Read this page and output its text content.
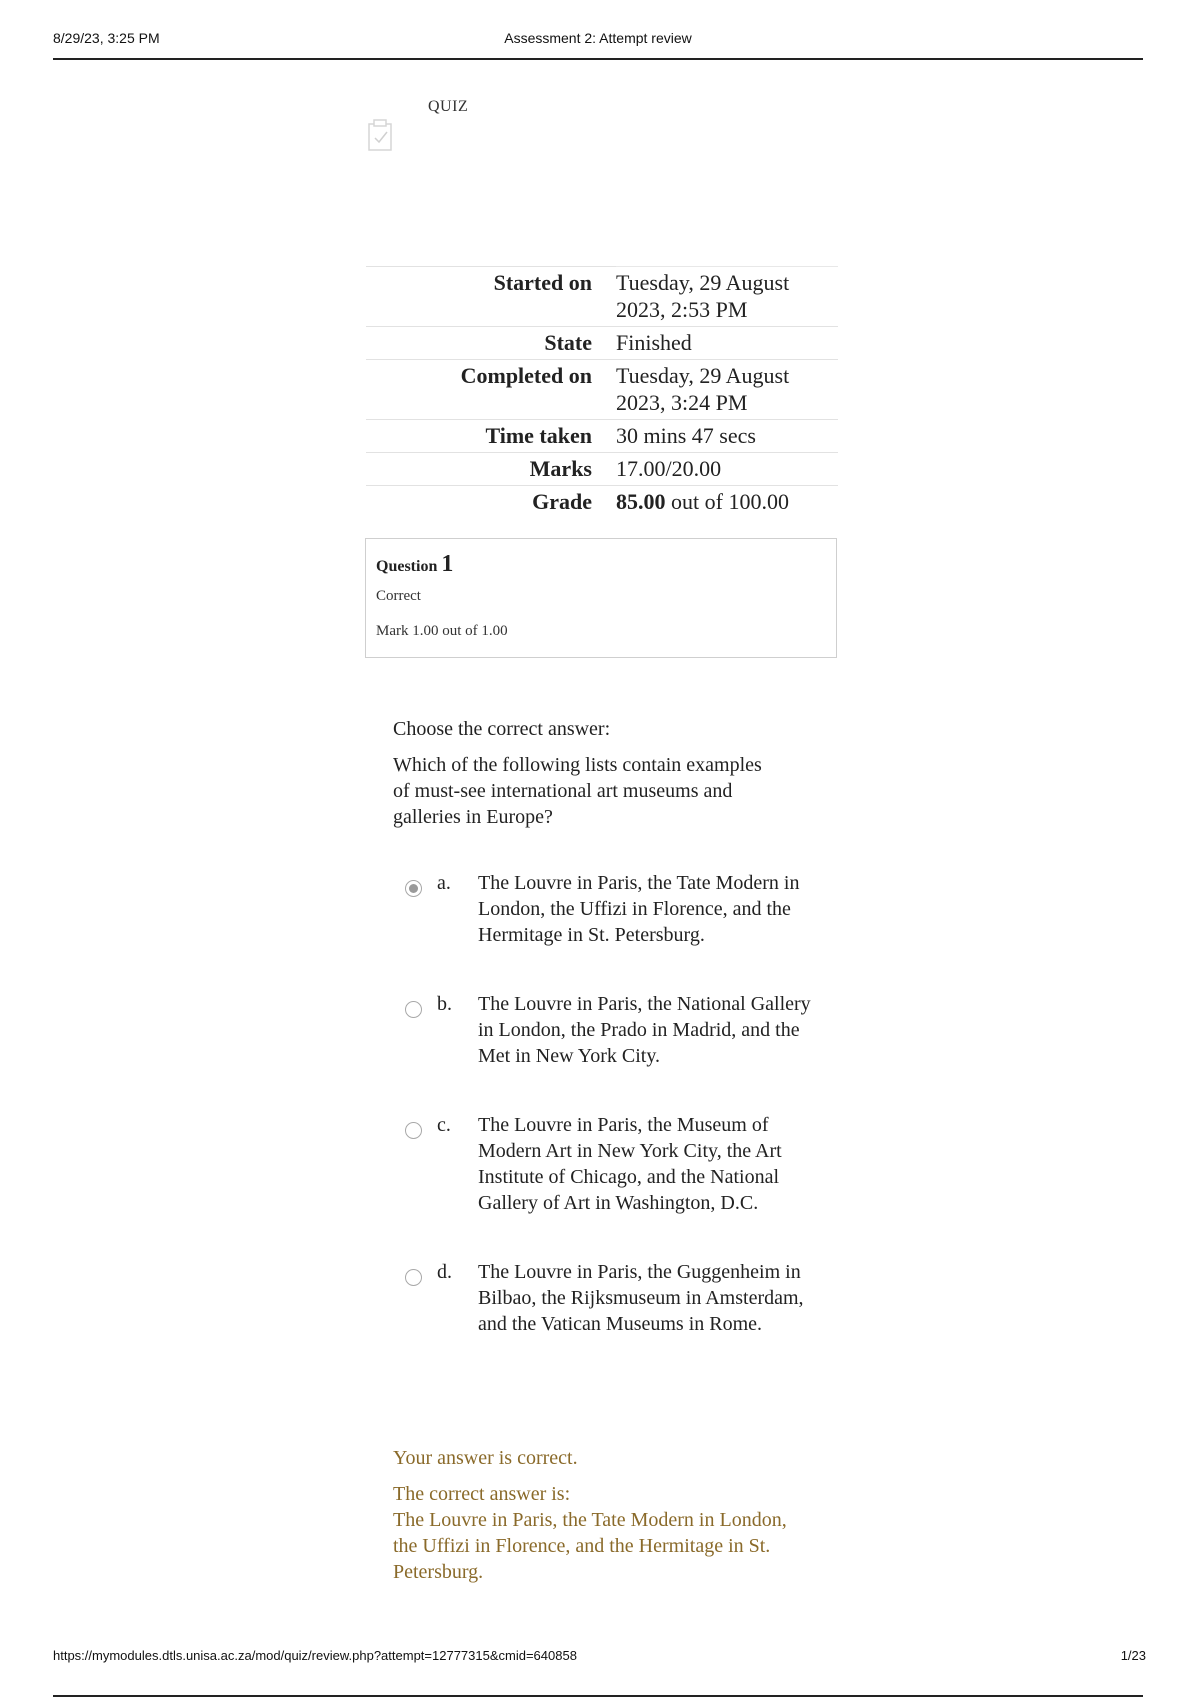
8/29/23, 3:25 PM	Assessment 2: Attempt review
QUIZ
Started on	Tuesday, 29 August 2023, 2:53 PM
State	Finished
Completed on	Tuesday, 29 August 2023, 3:24 PM
Time taken	30 mins 47 secs
Marks	17.00/20.00
Grade	85.00 out of 100.00
Question 1
Correct
Mark 1.00 out of 1.00

Choose the correct answer:

Which of the following lists contain examples of must-see international art museums and galleries in Europe?

a. The Louvre in Paris, the Tate Modern in London, the Uffizi in Florence, and the Hermitage in St. Petersburg.
b. The Louvre in Paris, the National Gallery in London, the Prado in Madrid, and the Met in New York City.
c. The Louvre in Paris, the Museum of Modern Art in New York City, the Art Institute of Chicago, and the National Gallery of Art in Washington, D.C.
d. The Louvre in Paris, the Guggenheim in Bilbao, the Rijksmuseum in Amsterdam, and the Vatican Museums in Rome.

Your answer is correct.

The correct answer is:
The Louvre in Paris, the Tate Modern in London, the Uffizi in Florence, and the Hermitage in St. Petersburg.
https://mymodules.dtls.unisa.ac.za/mod/quiz/review.php?attempt=12777315&cmid=640858	1/23
